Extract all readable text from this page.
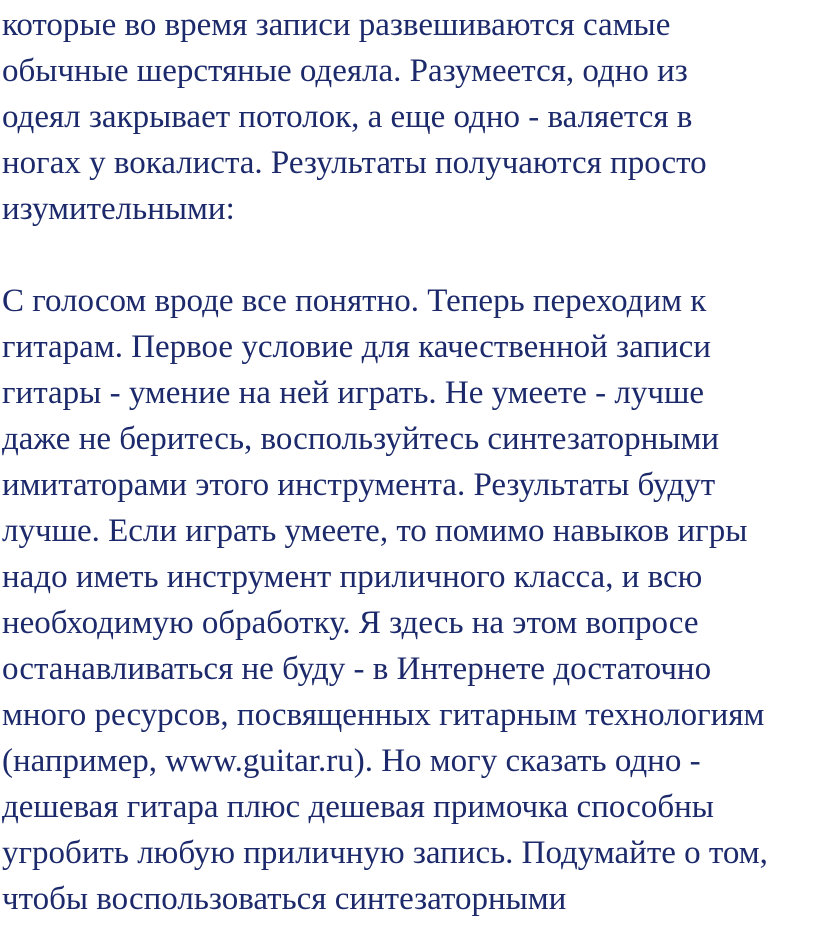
которые во время записи развешиваются самые
обычные шерстяные одеяла. Разумеется, одно из
одеял закрывает потолок, а еще одно - валяется в
ногах у вокалиста. Результаты получаются просто
изумительными:

С голосом вроде все понятно. Теперь переходим к
гитарам. Первое условие для качественной записи
гитары - умение на ней играть. Не умеете - лучше
даже не беритесь, воспользуйтесь синтезаторными
имитаторами этого инструмента. Результаты будут
лучше. Если играть умеете, то помимо навыков игры
надо иметь инструмент приличного класса, и всю
необходимую обработку. Я здесь на этом вопросе
останавливаться не буду - в Интернете достаточно
много ресурсов, посвященных гитарным технологиям
(например, www.guitar.ru). Но могу сказать одно -
дешевая гитара плюс дешевая примочка способны
угробить любую приличную запись. Подумайте о том,
чтобы воспользоваться синтезаторными
